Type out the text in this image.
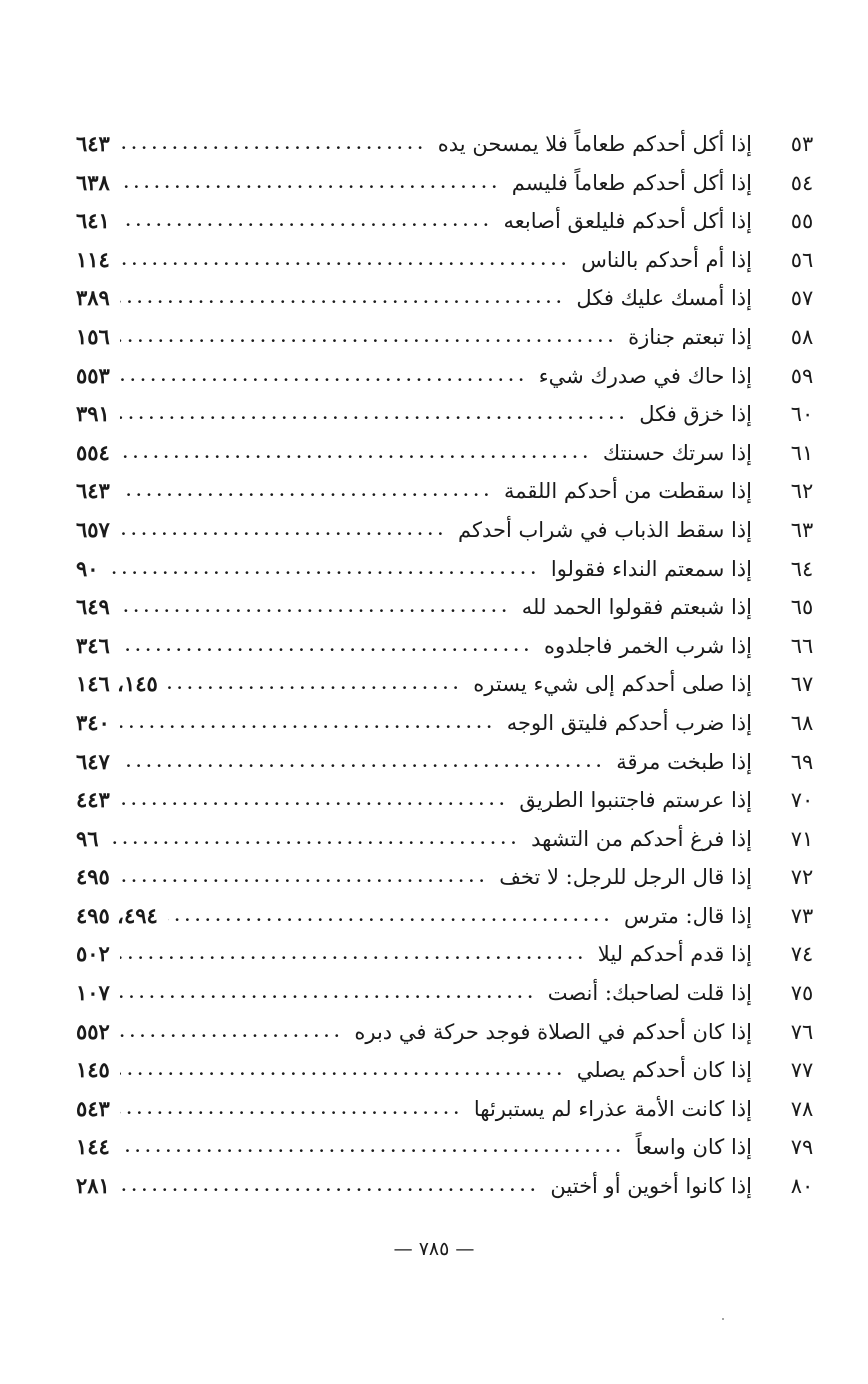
٥٣
إذا أكل أحدكم طعاماً فلا يمسحن يده
.....
٦٤٣
٥٤
إذا أكل أحدكم طعاماً فليسم
.....
٦٣٨
٥٥
إذا أكل أحدكم فليلعق أصابعه
.....
٦٤١
٥٦
إذا أم أحدكم بالناس
.....
١١٤
٥٧
إذا أمسك عليك فكل
.....
٣٨٩
٥٨
إذا تبعتم جنازة
.....
١٥٦
٥٩
إذا حاك في صدرك شيء
.....
٥٥٣
٦٠
إذا خزق فكل
.....
٣٩١
٦١
إذا سرتك حسنتك
.....
٥٥٤
٦٢
إذا سقطت من أحدكم اللقمة
.....
٦٤٣
٦٣
إذا سقط الذباب في شراب أحدكم
.....
٦٥٧
٦٤
إذا سمعتم النداء فقولوا
.....
٩٠
٦٥
إذا شبعتم فقولوا الحمد لله
.....
٦٤٩
٦٦
إذا شرب الخمر فاجلدوه
.....
٣٤٦
٦٧
إذا صلى أحدكم إلى شيء يستره
.....
١٤٥، ١٤٦
٦٨
إذا ضرب أحدكم فليتق الوجه
.....
٣٤٠
٦٩
إذا طبخت مرقة
.....
٦٤٧
٧٠
إذا عرستم فاجتنبوا الطريق
.....
٤٤٣
٧١
إذا فرغ أحدكم من التشهد
.....
٩٦
٧٢
إذا قال الرجل للرجل: لا تخف
.....
٤٩٥
٧٣
إذا قال: مترس
.....
٤٩٤، ٤٩٥
٧٤
إذا قدم أحدكم ليلا
.....
٥٠٢
٧٥
إذا قلت لصاحبك: أنصت
.....
١٠٧
٧٦
إذا كان أحدكم في الصلاة فوجد حركة في دبره
.....
٥٥٢
٧٧
إذا كان أحدكم يصلي
.....
١٤٥
٧٨
إذا كانت الأمة عذراء لم يستبرئها
.....
٥٤٣
٧٩
إذا كان واسعاً
.....
١٤٤
٨٠
إذا كانوا أخوين أو أختين
.....
٢٨١
— ٧٨٥ —
